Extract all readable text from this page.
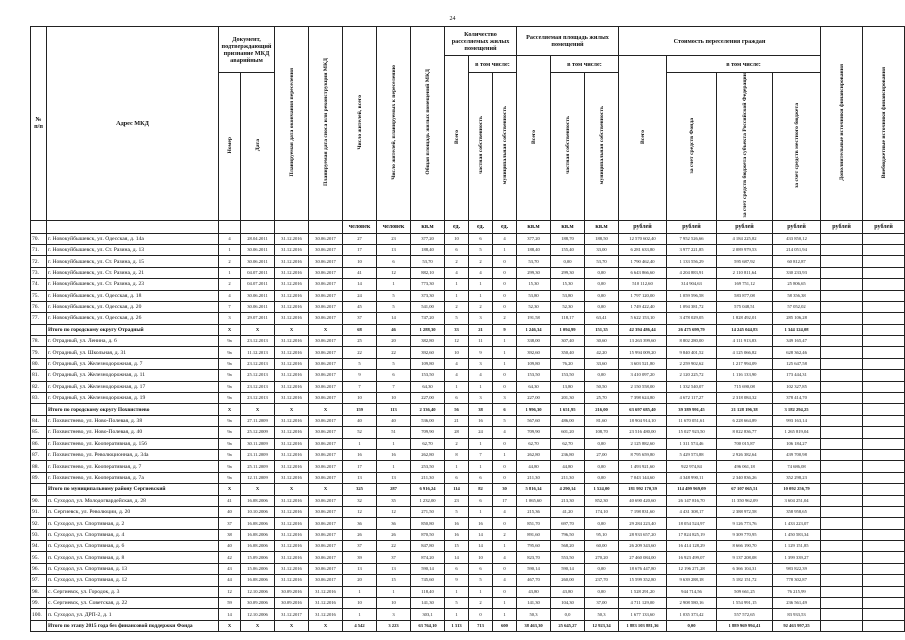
24
№ п/п	Адрес МКД	Документ, подтверждающий признание МКД аварийным		Планируемая дата окончания переселения	Планируемая дата сноса или реконструкции МКД	Число жителей, всего	Число жителей, планируемых к переселению	Общая площадь жилых помещений МКД	Количество расселяемых жилых помещений			Расселяемая площадь жилых помещений			Стоимость переселения граждан				Дополнительные источники финансирования	Внебюджетные источники финансирования
									Всего	в том числе:		Всего	в том числе:		Всего	в том числе:				
		Номер	Дата							частная собственность	муниципальная собственность		частная собственность	муниципальная собственность		за счет средств Фонда	за счет средств бюджета субъекта Российской Федерации	за счет средств местного бюджета		
						человек	человек	кв.м	ед.	ед.	ед.	кв.м	кв.м	кв.м	рублей	рублей	рублей	рублей	рублей	рублей
70.	г. Новокуйбышевск, ул. Одесская, д. 14а	4	28.04.2011	31.12.2016	30.06.2017	27	23	377,20	10	6	4	377,20	188,70	188,50	12 570 602,40	7 952 526,66	4 184 225,82	433 850,12		
71.	г. Новокуйбышевск, ул. Ст. Разина, д. 13	1	30.06.2011	31.12.2016	30.06.2017	17	13	188,40	6	5	1	188,40	155,40	33,00	6 281 633,80	3 977 221,85	2 089 979,53	214 051,94		
72.	г. Новокуйбышевск, ул. Ст. Разина, д. 15	2	30.06.2011	31.12.2016	30.06.2017	10	6	53,70	2	2	0	53,70	0,00	53,70	1 790 462,40	1 133 556,29	595 687,92	60 812,87		
73.	г. Новокуйбышевск, ул. Ст. Разина, д. 21	1	04.07.2011	31.12.2016	30.06.2017	41	12	882,10	4	4	0	299,30	299,30	0,00	6 643 866,60	4 204 883,91	2 110 811,64	330 233,93		
74.	г. Новокуйбышевск, ул. Ст. Разина, д. 23	2	04.07.2011	31.12.2016	30.06.2017	14	1	773,30	1	1	0	15,30	15,30	0,00	510 112,60	314 904,63	169 751,12	25 806,65		
75.	г. Новокуйбышевск, ул. Одесская, д. 18	4	30.06.2011	31.12.2016	30.06.2017	24	5	373,30	1	1	0	53,80	53,80	0,00	1 797 120,00	1 059 596,58	583 877,08	58 356,38		
76.	г. Новокуйбышевск, ул. Одесская, д. 20	7	30.06.2011	31.12.2016	30.06.2017	45	5	541,00	2	2	0	52,30	52,30	0,00	1 749 422,40	1 094 381,72	575 048,51	57 052,02		
77.	г. Новокуйбышевск, ул. Одесская, д. 26	3	29.07.2011	31.12.2016	30.06.2017	37	14	747,20	5	3	2	191,58	118,17	63,41	5 622 153,10	3 478 029,05	1 828 492,01	285 106,28		
	Итого по городскому округу Отрадный	X	X	X	X	68	46	1 288,30	33	21	9	1 246,34	1 094,99	151,35	42 394 486,44	26 475 699,79	14 245 044,83	1 344 124,08		
78.	г. Отрадный, ул. Ленина, д. 6	9а	23.12.2013	31.12.2016	30.06.2017	25	20	382,80	12	11	1	338,00	307,40	30,60	13 263 399,60	8 802 280,00	4 111 913,83	349 165,47		
79.	г. Отрадный, ул. Школьная, д. 31	9а	11.12.2013	31.12.2016	30.06.2017	22	22	392,60	10	9	1	392,60	350,40	42,20	15 994 009,20	9 840 401,52	4 125 066,82	628 362,46		
80.	г. Отрадный, ул. Железнодорожная, д. 7	9а	23.12.2013	31.12.2016	30.06.2017	5	5	109,80	4	3	1	109,80	76,20	33,60	3 603 521,80	2 259 902,62	1 217 994,09	125 647,58		
81.	г. Отрадный, ул. Железнодорожная, д. 11	9а	25.12.2013	31.12.2016	30.06.2017	9	6	153,50	4	4	0	153,50	153,50	0,00	3 410 097,20	2 120 225,72	1 116 133,90	173 444,31		
82.	г. Отрадный, ул. Железнодорожная, д. 17	9а	23.12.2013	31.12.2016	30.06.2017	7	7	64,30	1	1	0	64,30	13,80	50,50	2 150 558,00	1 332 540,07	715 690,08	102 327,85		
83.	г. Отрадный, ул. Железнодорожная, д. 19	9а	23.12.2013	31.12.2016	30.06.2017	10	10	227,00	6	3	3	227,00	201,30	25,70	7 398 624,80	4 672 117,27	2 318 084,32	378 414,70		
	Итого по городскому округу Похвистнево	X	X	X	X	159	113	2 336,40	56	38	6	1 996,30	1 651,95	216,00	63 697 685,40	39 389 991,45	21 128 196,38	3 182 294,25		
84.	г. Похвистнево, ул. Ново-Полевая, д. 38	9а	27.11.2009	31.12.2016	30.06.2017	40	40	536,00	21	16	5	567,60	486,00	81,60	18 904 914,10	11 670 051,61	6 228 664,89	993 163,14		
85.	г. Похвистнево, ул. Ново-Полевая, д. 40	9а	25.12.2009	31.12.2016	30.06.2017	52	51	709,90	28	24	4	709,90	601,20	108,70	23 516 480,00	15 027 923,50	8 022 836,77	1 265 819,04		
86.	г. Похвистнево, ул. Кооперативная, д. 156	9а	30.11.2009	31.12.2016	30.06.2017	1	1	62,70	2	1	0	62,70	62,70	0,00	2 125 882,60	1 311 574,46	700 015,87	106 184,27		
87.	г. Похвистнево, ул. Революционная, д. 34а	9а	23.11.2009	31.12.2016	30.06.2017	16	16	262,80	8	7	1	262,80	236,80	27,00	8 795 659,80	5 429 573,88	2 926 382,64	439 700,98		
88.	г. Похвистнево, ул. Кооперативная, д. 7	9а	25.11.2009	31.12.2016	30.06.2017	17	1	253,50	1	1	0	44,80	44,80	0,00	1 493 921,60	922 974,84	496 061,18	74 686,08		
89.	г. Похвистнево, ул. Кооперативная, д. 7а	9а	12.11.2009	31.12.2016	30.06.2017	13	13	211,30	6	6	0	211,30	211,30	0,00	7 043 144,60	4 348 990,11	2 340 836,26	352 298,23		
	Итого по муниципальному району Сергиевский	X	X	X	X	325	287	6 916,24	114	82	30	5 816,14	4 290,14	1 524,00	181 992 170,39	114 499 969,09	67 107 065,51	10 092 256,79		
90.	п. Суходол, ул. Молодогвардейская, д. 28	41	16.08.2006	31.12.2016	30.06.2017	32	35	1 232,00	23	6	17	1 065,60	213,30	852,30	40 690 420,60	26 147 816,70	11 350 962,09	3 604 251,04		
91.	п. Сергиевск, ул. Революции, д. 20	40	10.10.2006	31.12.2016	30.06.2017	12	12	271,50	5	1	4	215,36	41,20	174,10	7 198 831,60	4 431 308,17	2 388 972,58	358 958,65		
92.	п. Суходол, ул. Спортивная, д. 2	37	16.08.2006	31.12.2016	30.06.2017	36	36	850,80	16	16	0	851,70	697,70	0,00	29 284 223,40	18 054 524,97	9 126 773,76	1 433 223,07		
93.	п. Суходол, ул. Спортивная, д. 4	38	16.08.2006	31.12.2016	30.06.2017	26	26	870,50	16	14	2	891,60	796,50	95,10	28 933 657,20	17 824 825,19	9 309 770,95	1 450 583,34		
94.	п. Суходол, ул. Спортивная, д. 6	40	16.08.2006	31.12.2016	30.06.2017	37	22	847,80	15	14	1	795,60	568,20	60,00	26 209 343,60	16 414 128,29	8 666 190,70	1 129 151,85		
95.	п. Суходол, ул. Спортивная, д. 8	42	15.09.2006	31.12.2016	30.06.2017	39	37	874,20	14	10	4	823,70	553,50	270,20	27 460 084,00	16 923 499,07	9 137 208,08	1 399 339,27		
96.	п. Суходол, ул. Спортивная, д. 13	43	15.06.2006	31.12.2016	30.06.2017	13	13	590,14	6	6	0	590,14	590,14	0,00	18 676 447,80	12 196 271,28	6 366 104,31	983 822,39		
97.	п. Суходол, ул. Спортивная, д. 12	44	16.08.2006	31.12.2016	30.06.2017	20	15	745,60	9	5	4	467,70	260,00	237,70	15 599 352,80	9 639 288,18	5 182 151,72	778 302,87		
98.	с. Сергиевск, ул. Городок, д. 3	12	12.10.2006	30.09.2016	31.12.2016	1	1	118,40	1	1	0	43,80	43,80	0,00	1 528 291,20	944 714,56	509 661,25	76 215,99		
99.	с. Сергиевск, ул. Советская, д. 22	59	30.09.2006	30.09.2016	31.12.2016	10	10	141,30	5	2	1	141,30	104,30	37,00	4 711 129,00	2 908 580,16	1 554 991,15	236 561,49		
100.	п. Суходол, ул. ДРП-2, д. 1	14	12.10.2006	31.12.2017	31.12.2016	1	3	303,1	1	0	1	50,3	0,0	50,3	1 677 133,60	1 035 373,42	557 572,65	83 933,53		
	Итого по этапу 2015 года без финансовой поддержки Фонда	X	X	X	X	4 542	3 223	63 764,10	1 313	713	600	38 463,30	25 645,27	12 923,34	1 883 103 881,36	0,00	1 889 969 994,41	92 463 997,25		
